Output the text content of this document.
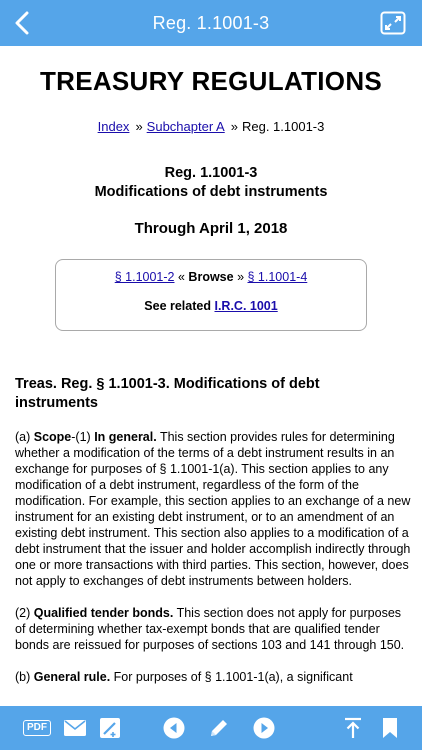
Reg. 1.1001-3
TREASURY REGULATIONS
Index » Subchapter A » Reg. 1.1001-3
Reg. 1.1001-3
Modifications of debt instruments
Through April 1, 2018
§ 1.1001-2 « Browse » § 1.1001-4
See related I.R.C. 1001
Treas. Reg. § 1.1001-3. Modifications of debt instruments

(a) Scope-(1) In general. This section provides rules for determining whether a modification of the terms of a debt instrument results in an exchange for purposes of § 1.1001-1(a). This section applies to any modification of a debt instrument, regardless of the form of the modification. For example, this section applies to an exchange of a new instrument for an existing debt instrument, or to an amendment of an existing debt instrument. This section also applies to a modification of a debt instrument that the issuer and holder accomplish indirectly through one or more transactions with third parties. This section, however, does not apply to exchanges of debt instruments between holders.

(2) Qualified tender bonds. This section does not apply for purposes of determining whether tax-exempt bonds that are qualified tender bonds are reissued for purposes of sections 103 and 141 through 150.

(b) General rule. For purposes of § 1.1001-1(a), a significant

PDF
